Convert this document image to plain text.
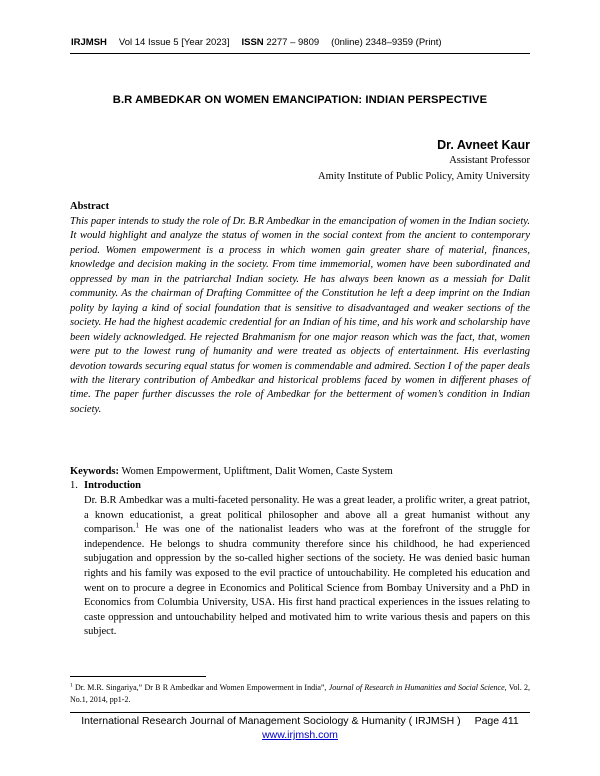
IRJMSH Vol 14 Issue 5 [Year 2023] ISSN 2277 – 9809 (0nline) 2348–9359 (Print)
B.R AMBEDKAR ON WOMEN EMANCIPATION: INDIAN PERSPECTIVE
Dr. Avneet Kaur
Assistant Professor
Amity Institute of Public Policy, Amity University
Abstract
This paper intends to study the role of Dr. B.R Ambedkar in the emancipation of women in the Indian society. It would highlight and analyze the status of women in the social context from the ancient to contemporary period. Women empowerment is a process in which women gain greater share of material, finances, knowledge and decision making in the society. From time immemorial, women have been subordinated and oppressed by man in the patriarchal Indian society. He has always been known as a messiah for Dalit community. As the chairman of Drafting Committee of the Constitution he left a deep imprint on the Indian polity by laying a kind of social foundation that is sensitive to disadvantaged and weaker sections of the society. He had the highest academic credential for an Indian of his time, and his work and scholarship have been widely acknowledged. He rejected Brahmanism for one major reason which was the fact, that, women were put to the lowest rung of humanity and were treated as objects of entertainment. His everlasting devotion towards securing equal status for women is commendable and admired. Section I of the paper deals with the literary contribution of Ambedkar and historical problems faced by women in different phases of time. The paper further discusses the role of Ambedkar for the betterment of women’s condition in Indian society.
Keywords: Women Empowerment, Upliftment, Dalit Women, Caste System
1. Introduction
Dr. B.R Ambedkar was a multi-faceted personality. He was a great leader, a prolific writer, a great patriot, a known educationist, a great political philosopher and above all a great humanist without any comparison.$^1$ He was one of the nationalist leaders who was at the forefront of the struggle for independence. He belongs to shudra community therefore since his childhood, he had experienced subjugation and oppression by the so-called higher sections of the society. He was denied basic human rights and his family was exposed to the evil practice of untouchability. He completed his education and went on to procure a degree in Economics and Political Science from Bombay University and a PhD in Economics from Columbia University, USA. His first hand practical experiences in the issues relating to caste oppression and untouchability helped and motivated him to write various thesis and papers on this subject.
$^1$ Dr. M.R. Singariya,” Dr B R Ambedkar and Women Empowerment in India”, Journal of Research in Humanities and Social Science, Vol. 2, No.1, 2014, pp1-2.
International Research Journal of Management Sociology & Humanity ( IRJMSH ) Page 411
www.irjmsh.com
